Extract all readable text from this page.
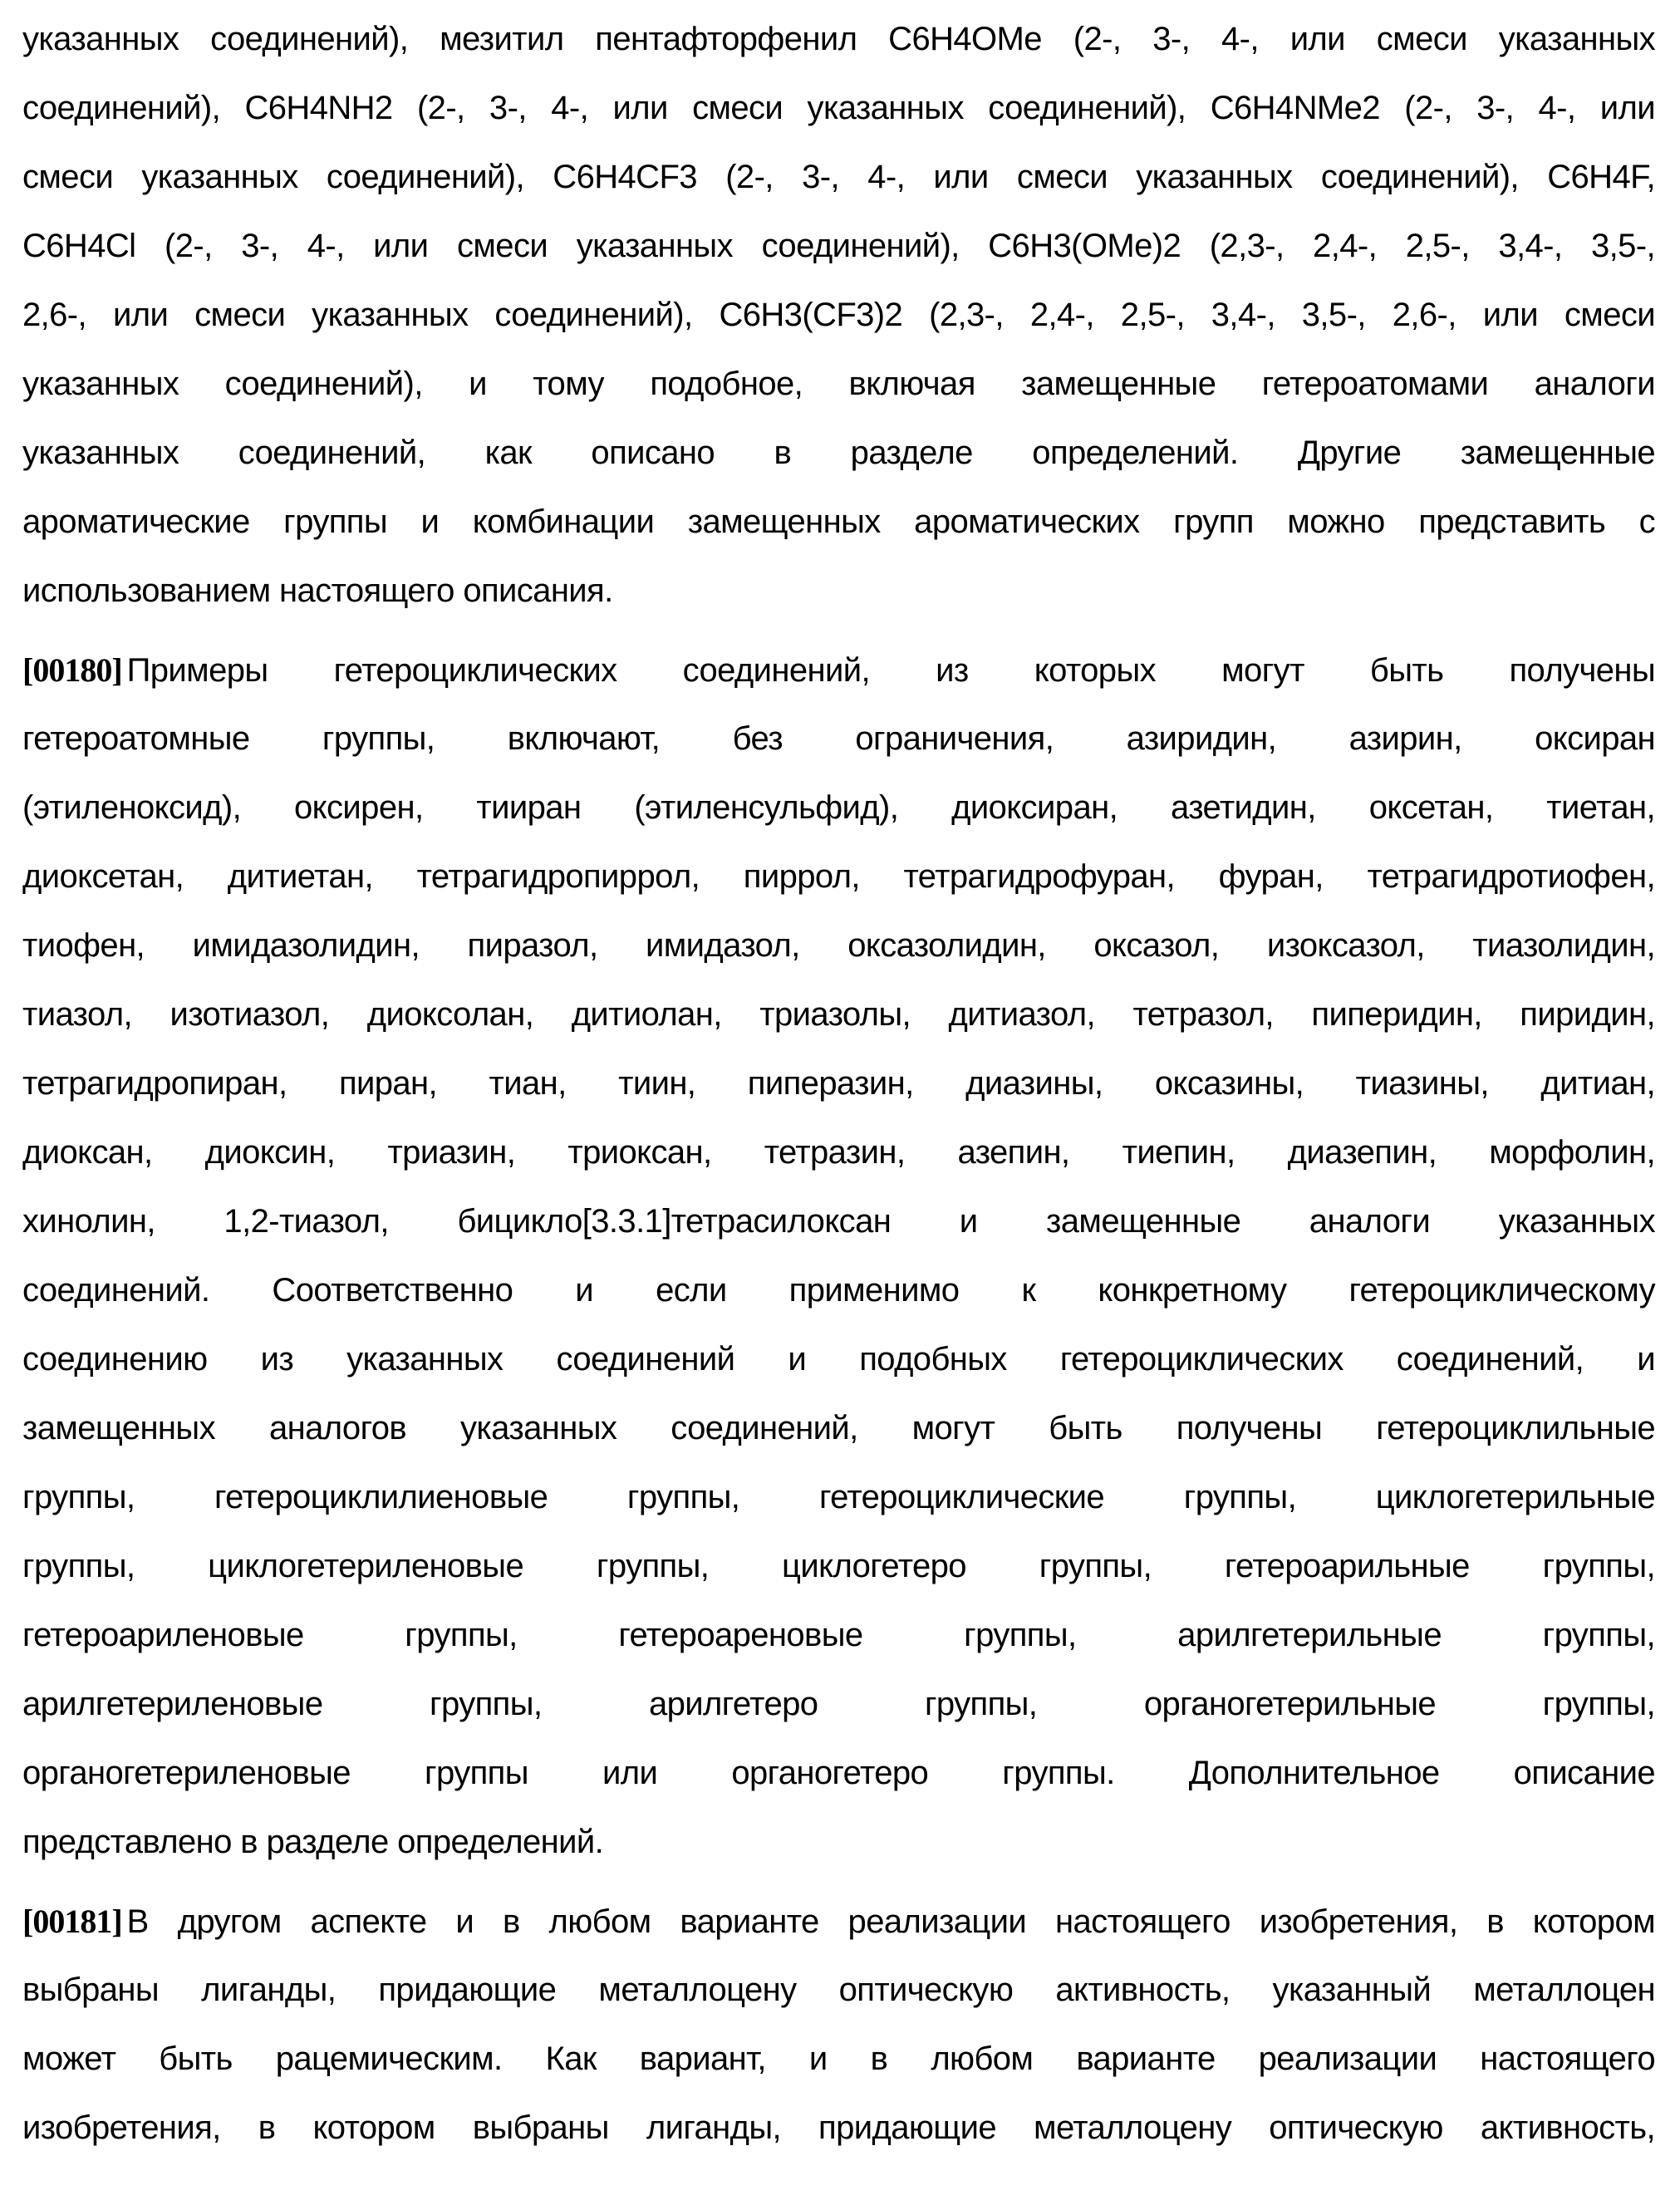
указанных соединений), мезитил пентафторфенил C6H4OMe (2-, 3-, 4-, или смеси указанных
соединений), C6H4NH2 (2-, 3-, 4-, или смеси указанных соединений), C6H4NMe2 (2-, 3-, 4-, или
смеси указанных соединений), C6H4CF3 (2-, 3-, 4-, или смеси указанных соединений), C6H4F,
C6H4Cl (2-, 3-, 4-, или смеси указанных соединений), C6H3(OMe)2 (2,3-, 2,4-, 2,5-, 3,4-, 3,5-,
2,6-, или смеси указанных соединений), C6H3(CF3)2 (2,3-, 2,4-, 2,5-, 3,4-, 3,5-, 2,6-, или смеси
указанных соединений), и тому подобное, включая замещенные гетероатомами аналоги
указанных соединений, как описано в разделе определений. Другие замещенные
ароматические группы и комбинации замещенных ароматических групп можно представить с
использованием настоящего описания.
[00180] Примеры гетероциклических соединений, из которых могут быть получены
гетероатомные группы, включают, без ограничения, азиридин, азирин, оксиран
(этиленоксид), оксирен, тииран (этиленсульфид), диоксиран, азетидин, оксетан, тиетан,
диоксетан, дитиетан, тетрагидропиррол, пиррол, тетрагидрофуран, фуран, тетрагидротиофен,
тиофен, имидазолидин, пиразол, имидазол, оксазолидин, оксазол, изоксазол, тиазолидин,
тиазол, изотиазол, диоксолан, дитиолан, триазолы, дитиазол, тетразол, пиперидин, пиридин,
тетрагидропиран, пиран, тиан, тиин, пиперазин, диазины, оксазины, тиазины, дитиан,
диоксан, диоксин, триазин, триоксан, тетразин, азепин, тиепин, диазепин, морфолин,
хинолин, 1,2-тиазол, бицикло[3.3.1]тетрасилоксан и замещенные аналоги указанных
соединений. Соответственно и если применимо к конкретному гетероциклическому
соединению из указанных соединений и подобных гетероциклических соединений, и
замещенных аналогов указанных соединений, могут быть получены гетероциклильные
группы, гетероциклилиеновые группы, гетероциклические группы, циклогетерильные
группы, циклогетериленовые группы, циклогетеро группы, гетероарильные группы,
гетероариленовые группы, гетероареновые группы, арилгетерильные группы,
арилгетериленовые группы, арилгетеро группы, органогетерильные группы,
органогетериленовые группы или органогетеро группы. Дополнительное описание
представлено в разделе определений.
[00181] В другом аспекте и в любом варианте реализации настоящего изобретения, в котором
выбраны лиганды, придающие металлоцену оптическую активность, указанный металлоцен
может быть рацемическим. Как вариант, и в любом варианте реализации настоящего
изобретения, в котором выбраны лиганды, придающие металлоцену оптическую активность,
